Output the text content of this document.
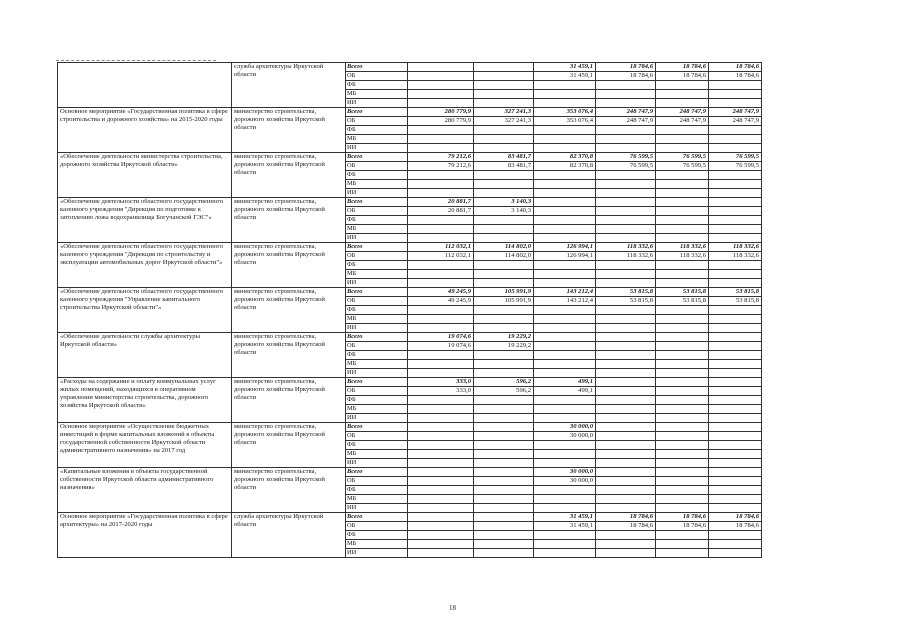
	служба архитектуры Иркутской области	Всего			31 459,1	18 784,6	18 784,6	18 784,6
		ОБ			31 459,1	18 784,6	18 784,6	18 784,6
		ФБ						
		МБ						
		ИИ						
Основное мероприятие «Государственная политика в сфере строительства и дорожного хозяйства» на 2015-2020 годы	министерство строительства, дорожного хозяйства Иркутской области	Всего	280 779,9	327 241,3	353 076,4	248 747,9	248 747,9	248 747,9
		ОБ	280 779,9	327 241,3	353 076,4	248 747,9	248 747,9	248 747,9
		ФБ						
		МБ						
		ИИ						
«Обеспечение деятельности министерства строительства, дорожного хозяйства Иркутской области»	министерство строительства, дорожного хозяйства Иркутской области	Всего	79 212,6	83 481,7	82 370,8	76 599,5	76 599,5	76 599,5
		ОБ	79 212,6	83 481,7	82 370,8	76 599,5	76 599,5	76 599,5
		ФБ						
		МБ						
		ИИ						
«Обеспечение деятельности областного государственного казенного учреждения "Дирекция по подготовке к затоплению ложа водохранилища Богучанской ГЭС"»	министерство строительства, дорожного хозяйства Иркутской области	Всего	20 881,7	3 140,3				
		ОБ	20 881,7	3 140,3				
		ФБ						
		МБ						
		ИИ						
«Обеспечение деятельности областного государственного казенного учреждения "Дирекция по строительству и эксплуатации автомобильных дорог Иркутской области"»	министерство строительства, дорожного хозяйства Иркутской области	Всего	112 032,1	114 802,0	126 994,1	118 332,6	118 332,6	118 332,6
		ОБ	112 032,1	114 802,0	126 994,1	118 332,6	118 332,6	118 332,6
		ФБ						
		МБ						
		ИИ						
«Обеспечение деятельности областного государственного казенного учреждения "Управление капитального строительства Иркутской области"»	министерство строительства, дорожного хозяйства Иркутской области	Всего	49 245,9	105 991,9	143 212,4	53 815,8	53 815,8	53 815,8
		ОБ	49 245,9	105 991,9	143 212,4	53 815,8	53 815,8	53 815,8
		ФБ						
		МБ						
		ИИ						
«Обеспечение деятельности службы архитектуры Иркутской области»	министерство строительства, дорожного хозяйства Иркутской области	Всего	19 074,6	19 229,2				
		ОБ	19 074,6	19 229,2				
		ФБ						
		МБ						
		ИИ						
«Расходы на содержание и оплату коммунальных услуг жилых помещений, находящихся в оперативном управлении министерства строительства, дорожного хозяйства Иркутской области»	министерство строительства, дорожного хозяйства Иркутской области	Всего	333,0	596,2	499,1			
		ОБ	333,0	596,2	499,1			
		ФБ						
		МБ						
		ИИ						
Основное мероприятие «Осуществление бюджетных инвестиций в форме капитальных вложений в объекты государственной собственности Иркутской области административного назначения» на 2017 год	министерство строительства, дорожного хозяйства Иркутской области	Всего			30 000,0			
		ОБ			30 000,0			
		ФБ						
		МБ						
		ИИ						
«Капитальные вложения в объекты государственной собственности Иркутской области административного назначения»	министерство строительства, дорожного хозяйства Иркутской области	Всего			30 000,0			
		ОБ			30 000,0			
		ФБ						
		МБ						
		ИИ						
Основное мероприятие «Государственная политика в сфере архитектуры» на 2017-2020 годы	служба архитектуры Иркутской области	Всего			31 459,1	18 784,6	18 784,6	18 784,6
		ОБ			31 459,1	18 784,6	18 784,6	18 784,6
		ФБ						
		МБ						
		ИИ						
18
